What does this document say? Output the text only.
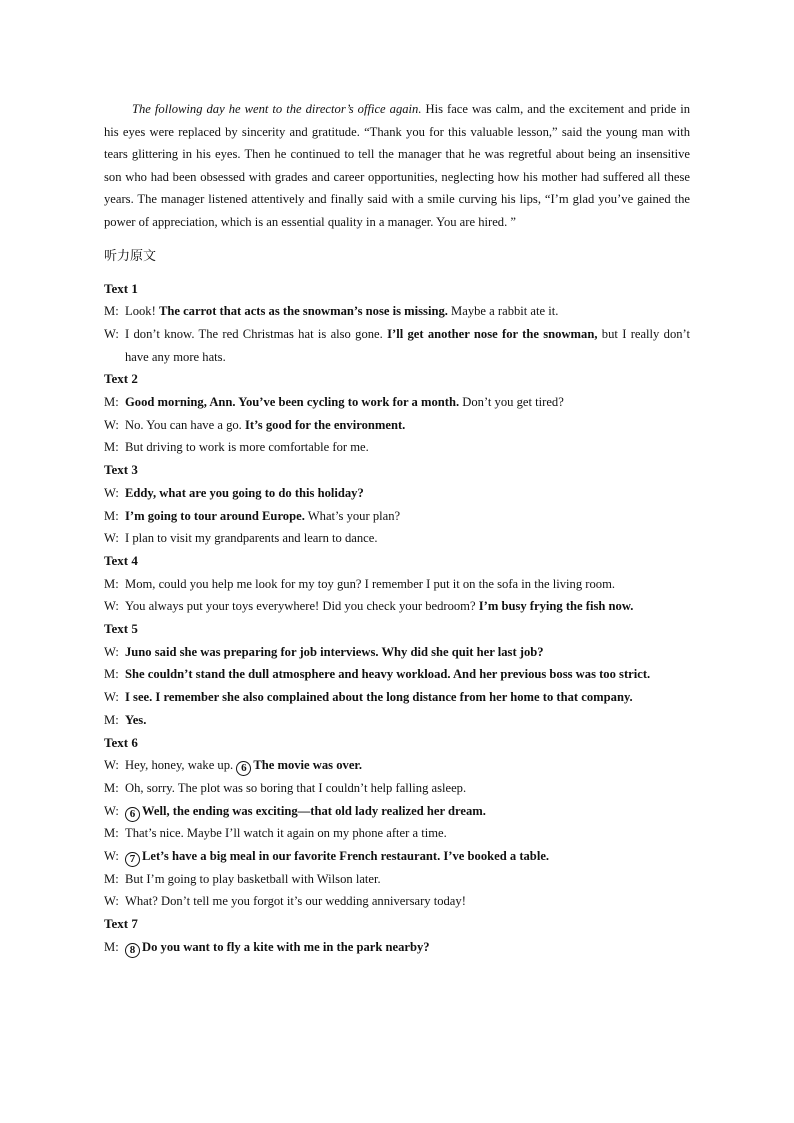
The following day he went to the director’s office again. His face was calm, and the excitement and pride in his eyes were replaced by sincerity and gratitude. “Thank you for this valuable lesson,” said the young man with tears glittering in his eyes. Then he continued to tell the manager that he was regretful about being an insensitive son who had been obsessed with grades and career opportunities, neglecting how his mother had suffered all these years. The manager listened attentively and finally said with a smile curving his lips, “I’m glad you’ve gained the power of appreciation, which is an essential quality in a manager. You are hired. ”

听力原文
Text 1
M: Look! The carrot that acts as the snowman’s nose is missing. Maybe a rabbit ate it.
W: I don’t know. The red Christmas hat is also gone. I’ll get another nose for the snowman, but I really don’t have any more hats.
Text 2
M: Good morning, Ann. You’ve been cycling to work for a month. Don’t you get tired?
W: No. You can have a go. It’s good for the environment.
M: But driving to work is more comfortable for me.
Text 3
W: Eddy, what are you going to do this holiday?
M: I’m going to tour around Europe. What’s your plan?
W: I plan to visit my grandparents and learn to dance.
Text 4
M: Mom, could you help me look for my toy gun? I remember I put it on the sofa in the living room.
W: You always put your toys everywhere! Did you check your bedroom? I’m busy frying the fish now.
Text 5
W: Juno said she was preparing for job interviews. Why did she quit her last job?
M: She couldn’t stand the dull atmosphere and heavy workload. And her previous boss was too strict.
W: I see. I remember she also complained about the long distance from her home to that company.
M: Yes.
Text 6
W: Hey, honey, wake up. 6 The movie was over.
M: Oh, sorry. The plot was so boring that I couldn’t help falling asleep.
W: 6 Well, the ending was exciting—that old lady realized her dream.
M: That’s nice. Maybe I’ll watch it again on my phone after a time.
W: 7 Let’s have a big meal in our favorite French restaurant. I’ve booked a table.
M: But I’m going to play basketball with Wilson later.
W: What? Don’t tell me you forgot it’s our wedding anniversary today!
Text 7
M: 8 Do you want to fly a kite with me in the park nearby?
